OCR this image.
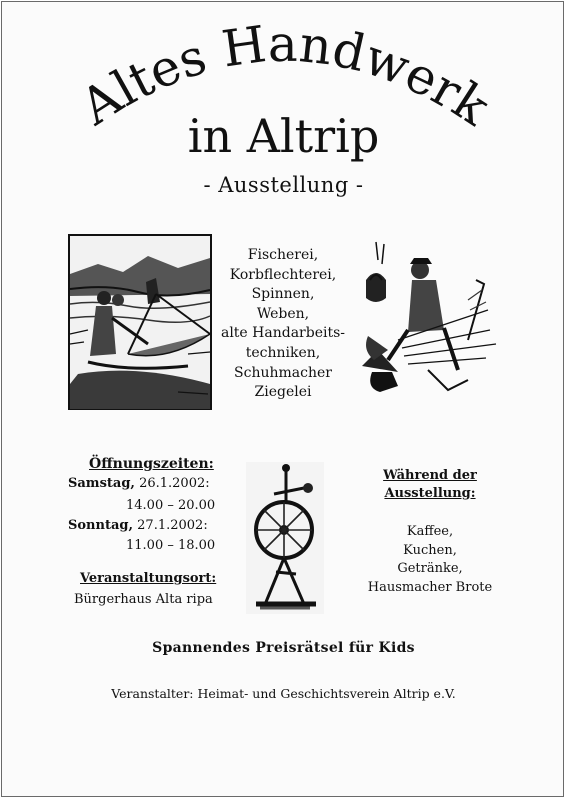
Altes Handwerk
in Altrip
- Ausstellung -
Fischerei,
Korbflechterei,
Spinnen,
Weben,
alte Handarbeits-
techniken,
Schuhmacher
Ziegelei
Öffnungszeiten:
Samstag, 26.1.2002:
14.00 – 20.00
Sonntag, 27.1.2002:
11.00 – 18.00
Veranstaltungsort:
Bürgerhaus Alta ripa
Während der
Ausstellung:
Kaffee,
Kuchen,
Getränke,
Hausmacher Brote
Spannendes Preisrätsel für Kids
Veranstalter: Heimat- und Geschichtsverein Altrip e.V.
